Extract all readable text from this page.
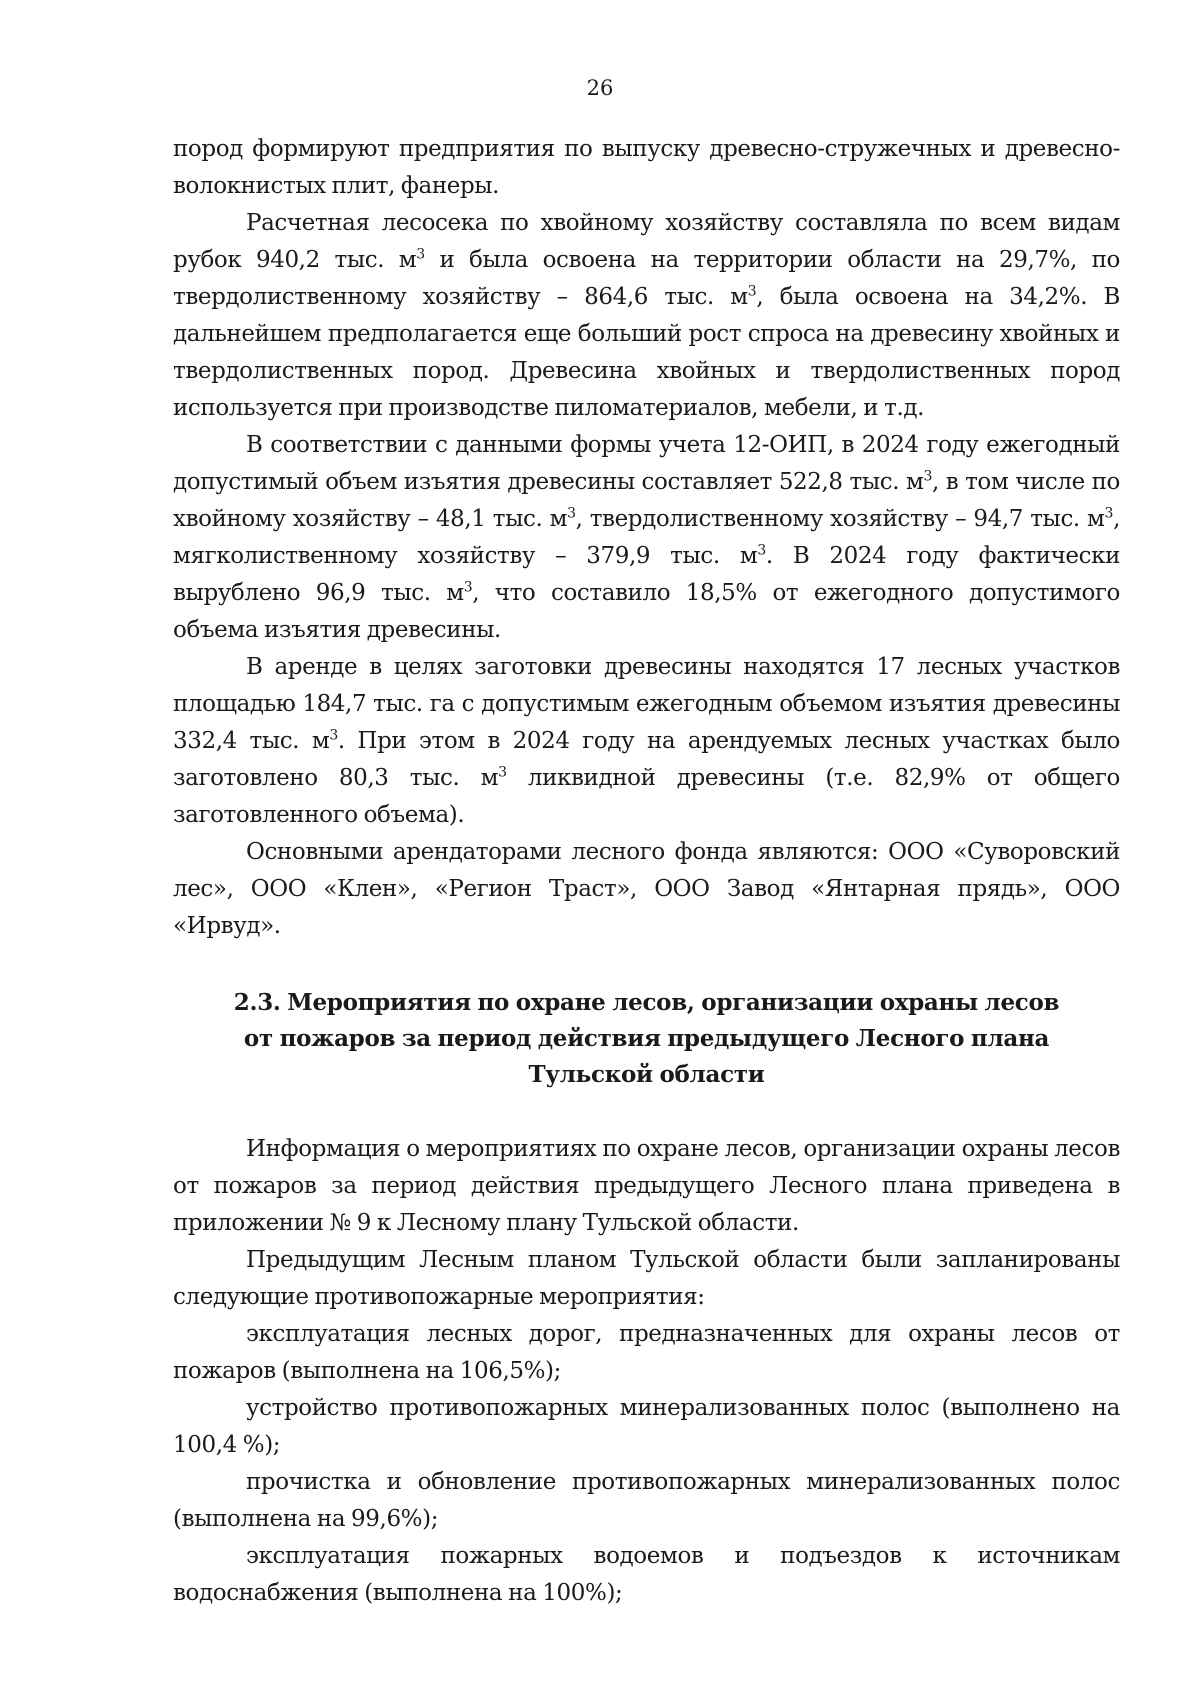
26

пород формируют предприятия по выпуску древесно-стружечных и древесно-волокнистых плит, фанеры.

Расчетная лесосека по хвойному хозяйству составляла по всем видам рубок 940,2 тыс. $м^3$ и была освоена на территории области на 29,7%, по твердолиственному хозяйству – 864,6 тыс. $м^3$, была освоена на 34,2%. В дальнейшем предполагается еще больший рост спроса на древесину хвойных и твердолиственных пород. Древесина хвойных и твердолиственных пород используется при производстве пиломатериалов, мебели, и т.д.

В соответствии с данными формы учета 12-ОИП, в 2024 году ежегодный допустимый объем изъятия древесины составляет 522,8 тыс. $м^3$, в том числе по хвойному хозяйству – 48,1 тыс. $м^3$, твердолиственному хозяйству – 94,7 тыс. $м^3$, мягколиственному хозяйству – 379,9 тыс. $м^3$. В 2024 году фактически вырублено 96,9 тыс. $м^3$, что составило 18,5% от ежегодного допустимого объема изъятия древесины.

В аренде в целях заготовки древесины находятся 17 лесных участков площадью 184,7 тыс. га с допустимым ежегодным объемом изъятия древесины 332,4 тыс. $м^3$. При этом в 2024 году на арендуемых лесных участках было заготовлено 80,3 тыс. $м^3$ ликвидной древесины (т.е. 82,9% от общего заготовленного объема).

Основными арендаторами лесного фонда являются: ООО «Суворовский лес», ООО «Клен», «Регион Траст», ООО Завод «Янтарная прядь», ООО «Ирвуд».

2.3. Мероприятия по охране лесов, организации охраны лесов
от пожаров за период действия предыдущего Лесного плана
Тульской области

Информация о мероприятиях по охране лесов, организации охраны лесов от пожаров за период действия предыдущего Лесного плана приведена в приложении № 9 к Лесному плану Тульской области.

Предыдущим Лесным планом Тульской области были запланированы следующие противопожарные мероприятия:

эксплуатация лесных дорог, предназначенных для охраны лесов от пожаров (выполнена на 106,5%);

устройство противопожарных минерализованных полос (выполнено на 100,4 %);

прочистка и обновление противопожарных минерализованных полос (выполнена на 99,6%);

эксплуатация пожарных водоемов и подъездов к источникам водоснабжения (выполнена на 100%);
